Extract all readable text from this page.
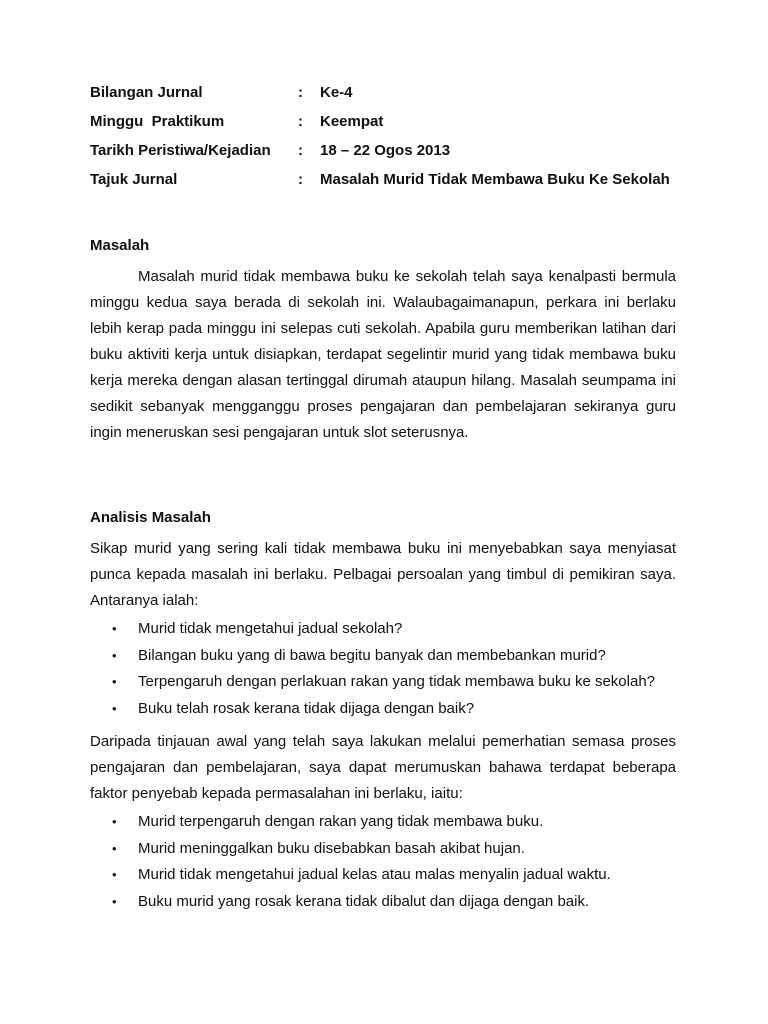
Bilangan Jurnal	:	Ke-4
Minggu  Praktikum	:	Keempat
Tarikh Peristiwa/Kejadian	:	18 – 22 Ogos 2013
Tajuk Jurnal	:	Masalah Murid Tidak Membawa Buku Ke Sekolah
Masalah

Masalah murid tidak membawa buku ke sekolah telah saya kenalpasti bermula minggu kedua saya berada di sekolah ini. Walaubagaimanapun, perkara ini berlaku lebih kerap pada minggu ini selepas cuti sekolah. Apabila guru memberikan latihan dari buku aktiviti kerja untuk disiapkan, terdapat segelintir murid yang tidak membawa buku kerja mereka dengan alasan tertinggal dirumah ataupun hilang. Masalah seumpama ini sedikit sebanyak mengganggu proses pengajaran dan pembelajaran sekiranya guru ingin meneruskan sesi pengajaran untuk slot seterusnya.

Analisis Masalah

Sikap murid yang sering kali tidak membawa buku ini menyebabkan saya menyiasat punca kepada masalah ini berlaku. Pelbagai persoalan yang timbul di pemikiran saya. Antaranya ialah:

•	Murid tidak mengetahui jadual sekolah?
•	Bilangan buku yang di bawa begitu banyak dan membebankan murid?
•	Terpengaruh dengan perlakuan rakan yang tidak membawa buku ke sekolah?
•	Buku telah rosak kerana tidak dijaga dengan baik?

Daripada tinjauan awal yang telah saya lakukan melalui pemerhatian semasa proses pengajaran dan pembelajaran, saya dapat merumuskan bahawa terdapat beberapa faktor penyebab kepada permasalahan ini berlaku, iaitu:

•	Murid terpengaruh dengan rakan yang tidak membawa buku.
•	Murid meninggalkan buku disebabkan basah akibat hujan.
•	Murid tidak mengetahui jadual kelas atau malas menyalin jadual waktu.
•	Buku murid yang rosak kerana tidak dibalut dan dijaga dengan baik.
